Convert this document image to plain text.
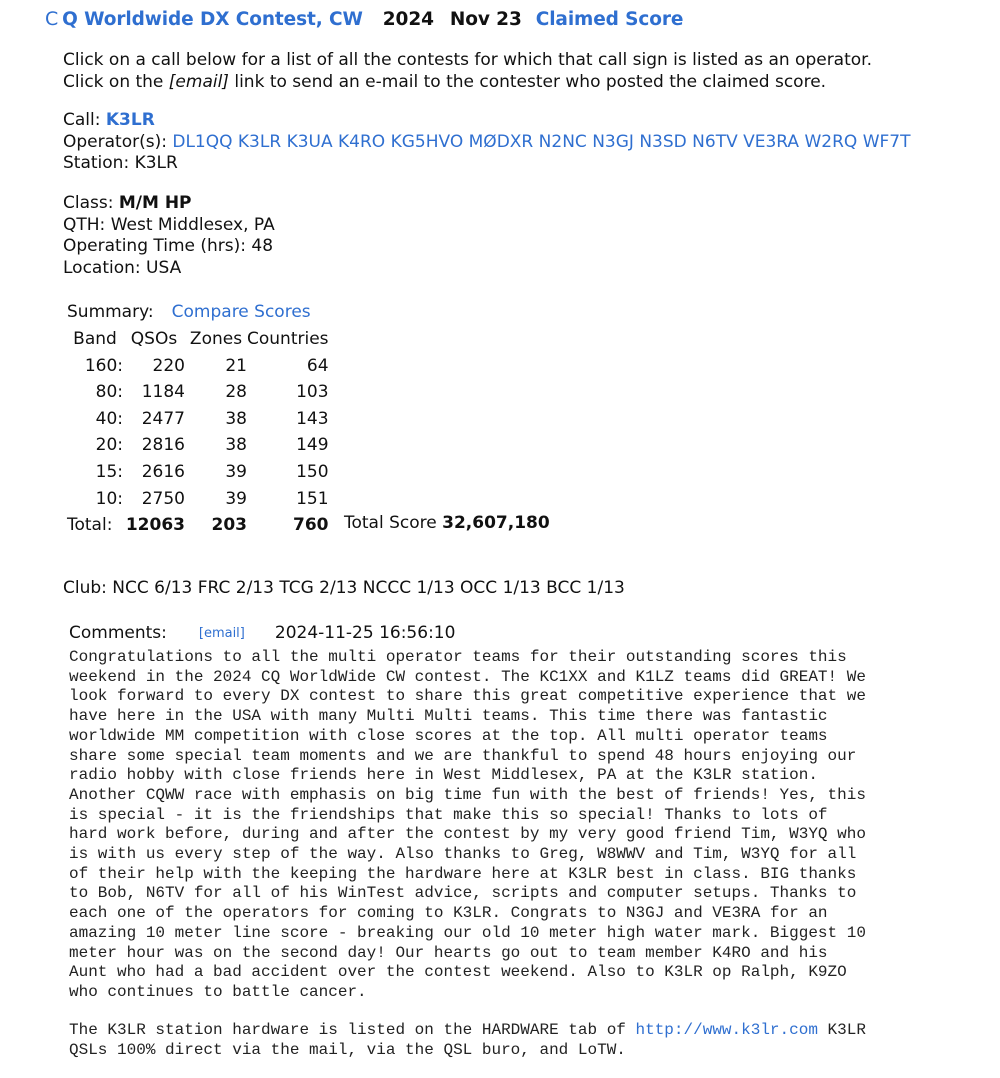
C Q Worldwide DX Contest, CW 2024 Nov 23 Claimed Score
Click on a call below for a list of all the contests for which that call sign is listed as an operator.
Click on the [email] link to send an e-mail to the contester who posted the claimed score.
Call: K3LR
Operator(s): DL1QQ K3LR K3UA K4RO KG5HVO MØDXR N2NC N3GJ N3SD N6TV VE3RA W2RQ WF7T
Station: K3LR
Class: M/M HP
QTH: West Middlesex, PA
Operating Time (hrs): 48
Location: USA
Summary: Compare Scores
Band	QSOs	Zones	Countries
160:	220	21	64
80:	1184	28	103
40:	2477	38	143
20:	2816	38	149
15:	2616	39	150
10:	2750	39	151
Total:	12063	203	760 Total Score 32,607,180
Club: NCC 6/13 FRC 2/13 TCG 2/13 NCCC 1/13 OCC 1/13 BCC 1/13
Comments: [email] 2024-11-25 16:56:10
Congratulations to all the multi operator teams for their outstanding scores this
weekend in the 2024 CQ WorldWide CW contest. The KC1XX and K1LZ teams did GREAT! We
look forward to every DX contest to share this great competitive experience that we
have here in the USA with many Multi Multi teams. This time there was fantastic
worldwide MM competition with close scores at the top. All multi operator teams
share some special team moments and we are thankful to spend 48 hours enjoying our
radio hobby with close friends here in West Middlesex, PA at the K3LR station.
Another CQWW race with emphasis on big time fun with the best of friends! Yes, this
is special - it is the friendships that make this so special! Thanks to lots of
hard work before, during and after the contest by my very good friend Tim, W3YQ who
is with us every step of the way. Also thanks to Greg, W8WWV and Tim, W3YQ for all
of their help with the keeping the hardware here at K3LR best in class. BIG thanks
to Bob, N6TV for all of his WinTest advice, scripts and computer setups. Thanks to
each one of the operators for coming to K3LR. Congrats to N3GJ and VE3RA for an
amazing 10 meter line score - breaking our old 10 meter high water mark. Biggest 10
meter hour was on the second day! Our hearts go out to team member K4RO and his
Aunt who had a bad accident over the contest weekend. Also to K3LR op Ralph, K9ZO
who continues to battle cancer.
The K3LR station hardware is listed on the HARDWARE tab of http://www.k3lr.com K3LR
QSLs 100% direct via the mail, via the QSL buro, and LoTW.
